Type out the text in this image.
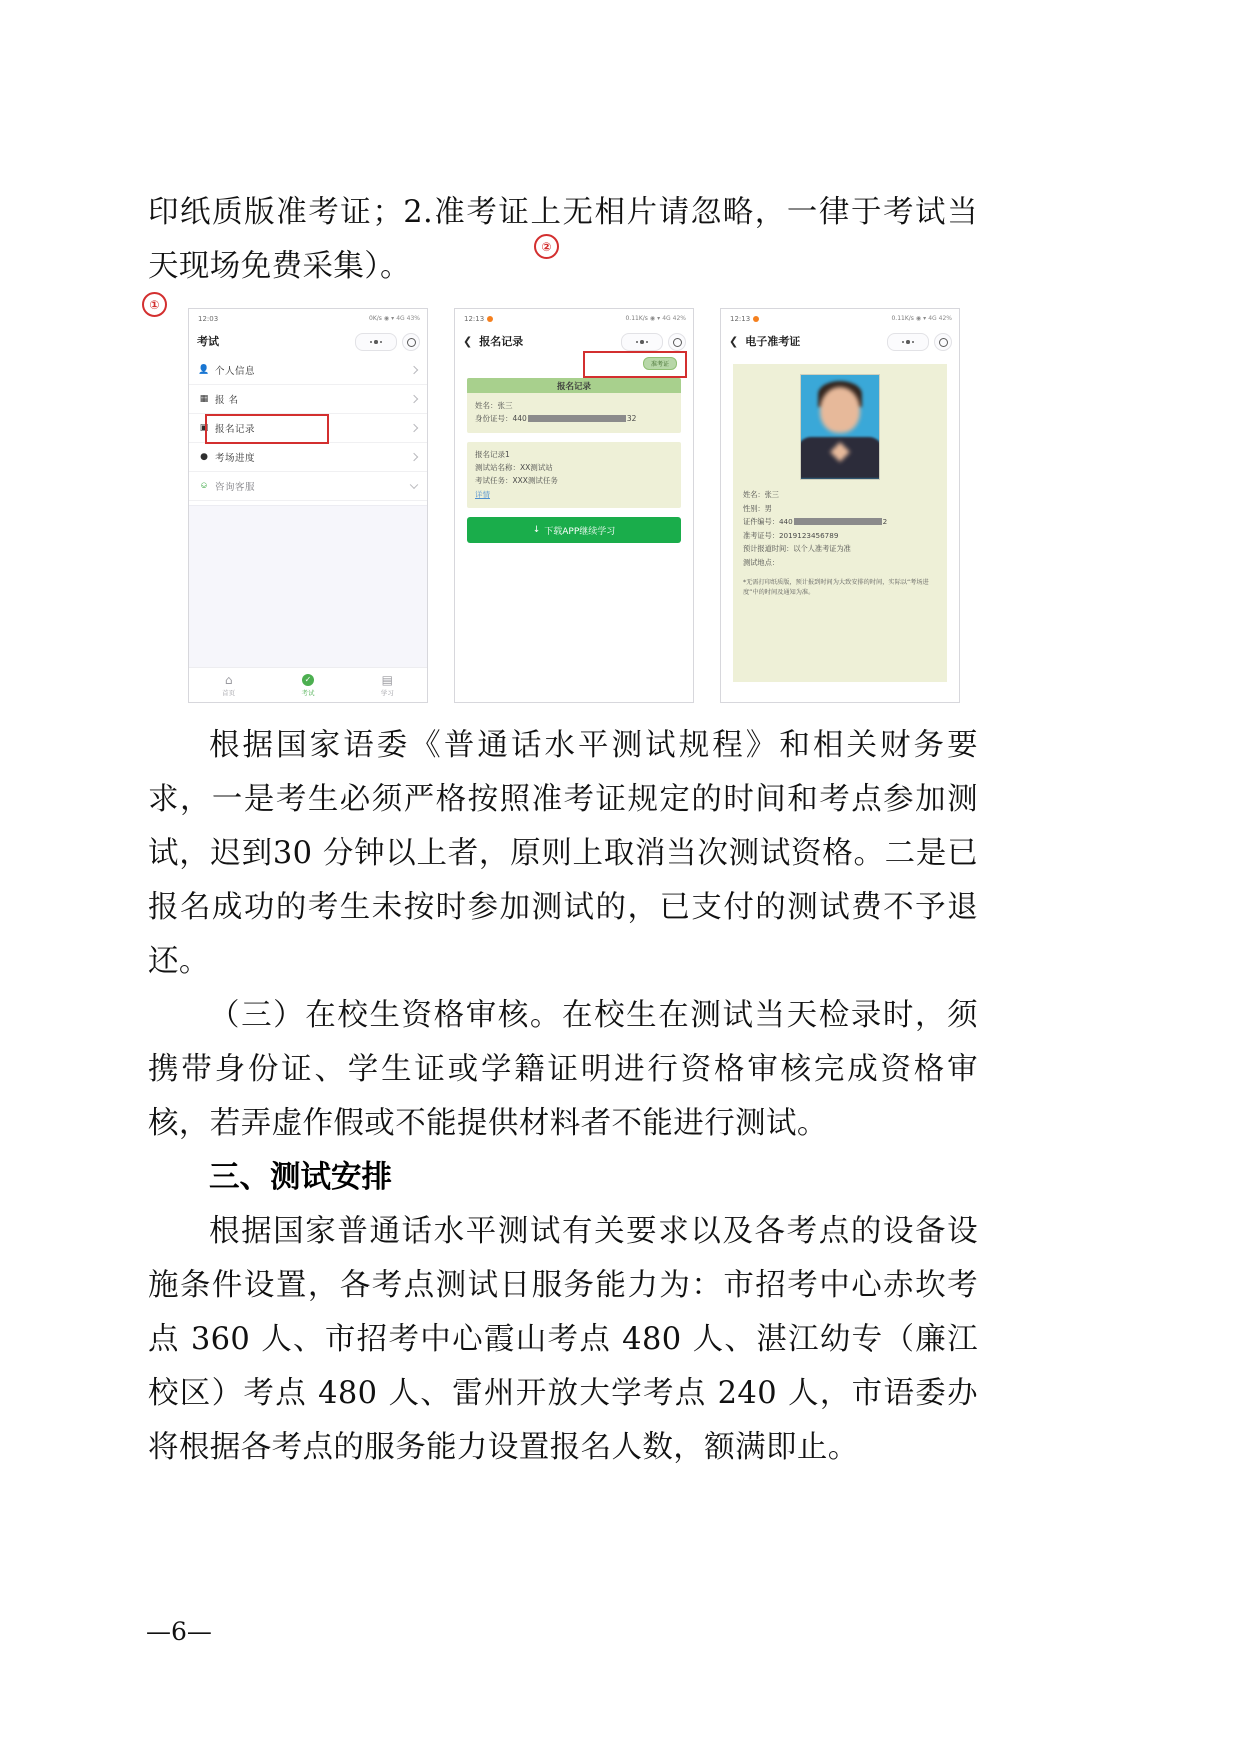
印纸质版准考证；2.准考证上无相片请忽略，一律于考试当天现场免费采集）。

12:03	0K/s ◉ ▾ 4G 43%
考试
👤 个人信息
▦ 报 名
▣ 报名记录
● 考场进度
⎉ 咨询客服
⌂
首页
✓
考试
▤
学习
12:13	0.11K/s ◉ ▾ 4G 42%
❮ 报名记录
准考证
报名记录
姓名： 张三
身份证号： 440	32
报名记录1
测试站名称： XX测试站
考试任务： XXX测试任务
详情
↓ 下载APP继续学习
12:13	0.11K/s ◉ ▾ 4G 42%
❮ 电子准考证
姓名： 张三
性别： 男
证件编号： 440	2
准考证号： 2019123456789
预计报道时间： 以个人准考证为准
测试地点：
*无需打印纸质版，预计报到时间为大致安排的时间，实际以“考场进度”中的时间及通知为准。
①
②

根据国家语委《普通话水平测试规程》和相关财务要求，一是考生必须严格按照准考证规定的时间和考点参加测试，迟到30 分钟以上者，原则上取消当次测试资格。二是已报名成功的考生未按时参加测试的，已支付的测试费不予退还。

（三）在校生资格审核。在校生在测试当天检录时，须携带身份证、学生证或学籍证明进行资格审核完成资格审核，若弄虚作假或不能提供材料者不能进行测试。

三、测试安排

根据国家普通话水平测试有关要求以及各考点的设备设施条件设置，各考点测试日服务能力为：市招考中心赤坎考点 360 人、市招考中心霞山考点 480 人、湛江幼专（廉江校区）考点 480 人、雷州开放大学考点 240 人，市语委办将根据各考点的服务能力设置报名人数，额满即止。

—6—
